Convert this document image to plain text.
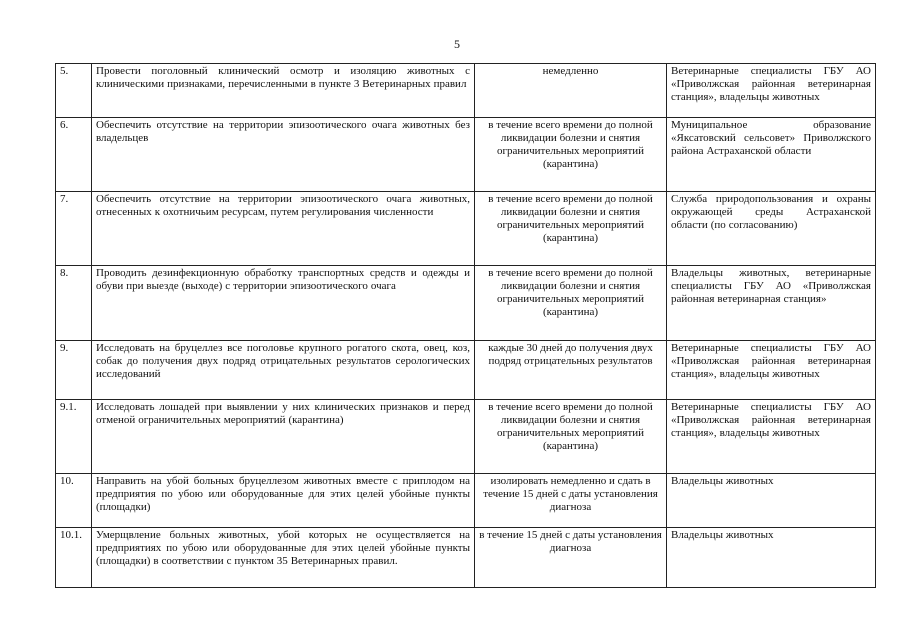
5
5.	Провести поголовный клинический осмотр и изоляцию животных с клиническими признаками, перечисленными в пункте 3 Ветеринарных правил	немедленно	Ветеринарные специалисты ГБУ АО «Приволжская районная ветеринарная станция», владельцы животных
6.	Обеспечить отсутствие на территории эпизоотического очага животных без владельцев	в течение всего времени до полной ликвидации болезни и снятия ограничительных мероприятий (карантина)	Муниципальное образование «Яксатовский сельсовет» Приволжского района Астраханской области
7.	Обеспечить отсутствие на территории эпизоотического очага животных, отнесенных к охотничьим ресурсам, путем регулирования численности	в течение всего времени до полной ликвидации болезни и снятия ограничительных мероприятий (карантина)	Служба природопользования и охраны окружающей среды Астраханской области (по согласованию)
8.	Проводить дезинфекционную обработку транспортных средств и одежды и обуви при выезде (выходе) с территории эпизоотического очага	в течение всего времени до полной ликвидации болезни и снятия ограничительных мероприятий (карантина)	Владельцы животных, ветеринарные специалисты ГБУ АО «Приволжская районная ветеринарная станция»
9.	Исследовать на бруцеллез все поголовье крупного рогатого скота, овец, коз, собак до получения двух подряд отрицательных результатов серологических исследований	каждые 30 дней до получения двух подряд отрицательных результатов	Ветеринарные специалисты ГБУ АО «Приволжская районная ветеринарная станция», владельцы животных
9.1.	Исследовать лошадей при выявлении у них клинических признаков и перед отменой ограничительных мероприятий (карантина)	в течение всего времени до полной ликвидации болезни и снятия ограничительных мероприятий (карантина)	Ветеринарные специалисты ГБУ АО «Приволжская районная ветеринарная станция», владельцы животных
10.	Направить на убой больных бруцеллезом животных вместе с приплодом на предприятия по убою или оборудованные для этих целей убойные пункты (площадки)	изолировать немедленно и сдать в течение 15 дней с даты установления диагноза	Владельцы животных
10.1.	Умерщвление больных животных, убой которых не осуществляется на предприятиях по убою или оборудованные для этих целей убойные пункты (площадки) в соответствии с пунктом 35 Ветеринарных правил.	в течение 15 дней с даты установления диагноза	Владельцы животных
